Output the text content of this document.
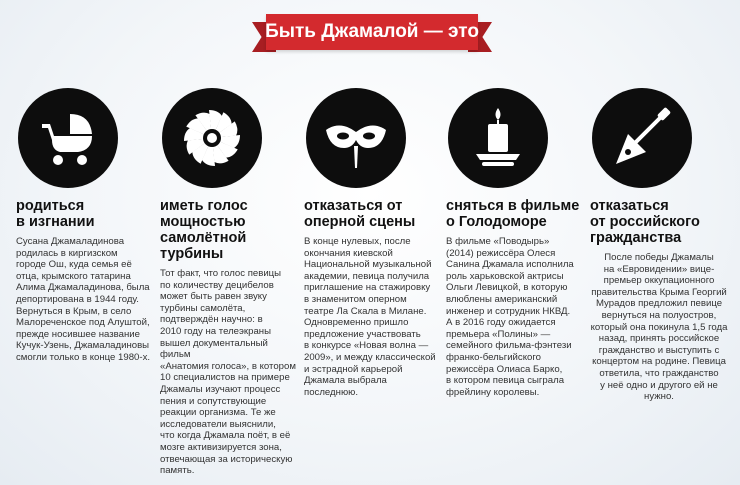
Быть Джамалой — это
родиться
в изгнании
Сусана Джамаладинова
родилась в киргизском
городе Ош, куда семья её
отца, крымского татарина
Алима Джамаладинова, была
депортирована в 1944 году.
Вернуться в Крым, в село
Малореченское под Алуштой,
прежде носившее название
Кучук-Узень, Джамаладиновы
смогли только в конце 1980-х.
иметь голос
мощностью
самолётной
турбины
Тот факт, что голос певицы
по количеству децибелов
может быть равен звуку
турбины самолёта,
подтверждён научно: в
2010 году на телеэкраны
вышел документальный фильм
«Анатомия голоса», в котором
10 специалистов на примере
Джамалы изучают процесс
пения и сопутствующие
реакции организма. Те же
исследователи выяснили,
что когда Джамала поёт, в её
мозге активизируется зона,
отвечающая за историческую
память.
отказаться от
оперной сцены
В конце нулевых, после
окончания киевской
Национальной музыкальной
академии, певица получила
приглашение на стажировку
в знаменитом оперном
театре Ла Скала в Милане.
Одновременно пришло
предложение участвовать
в конкурсе «Новая волна —
2009», и между классической
и эстрадной карьерой
Джамала выбрала последнюю.
сняться в фильме
о Голодоморе
В фильме «Поводырь»
(2014) режиссёра Олеся
Санина Джамала исполнила
роль харьковской актрисы
Ольги Левицкой, в которую
влюблены американский
инженер и сотрудник НКВД.
А в 2016 году ожидается
премьера «Полины» —
семейного фильма-фэнтези
франко-бельгийского
режиссёра Олиаса Барко,
в котором певица сыграла
фрейлину королевы.
отказаться
от российского
гражданства
После победы Джамалы
на «Евровидении» вице-
премьер оккупационного
правительства Крыма Георгий
Мурадов предложил певице
вернуться на полуостров,
который она покинула 1,5 года
назад, принять российское
гражданство и выступить с
концертом на родине. Певица
ответила, что гражданство
у неё одно и другого ей не
нужно.
